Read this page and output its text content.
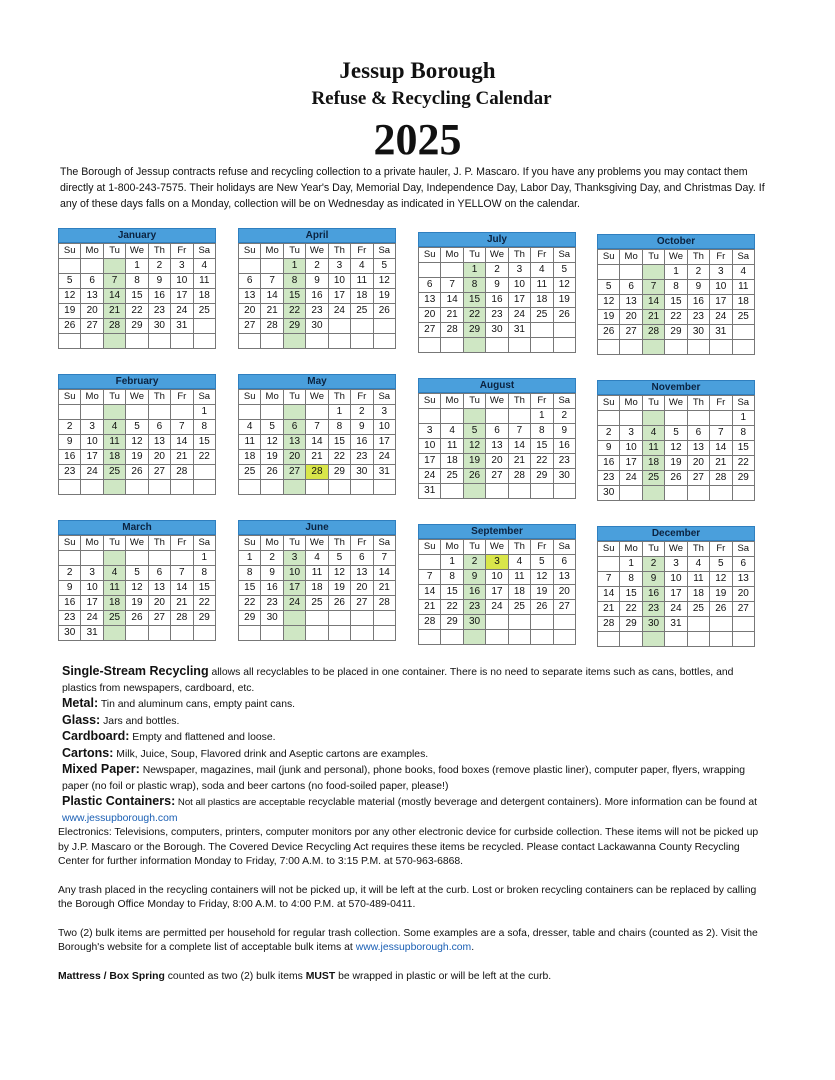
Jessup Borough
Refuse & Recycling Calendar
2025
The Borough of Jessup contracts refuse and recycling collection to a private hauler, J. P. Mascaro. If you have any problems you may contact them directly at 1-800-243-7575. Their holidays are New Year's Day, Memorial Day, Independence Day, Labor Day, Thanksgiving Day, and Christmas Day. If any of these days falls on a Monday, collection will be on Wednesday as indicated in YELLOW on the calendar.
January
Su	Mo	Tu	We	Th	Fr	Sa
			1	2	3	4
5	6	7	8	9	10	11
12	13	14	15	16	17	18
19	20	21	22	23	24	25
26	27	28	29	30	31	

April
Su	Mo	Tu	We	Th	Fr	Sa
		1	2	3	4	5
6	7	8	9	10	11	12
13	14	15	16	17	18	19
20	21	22	23	24	25	26
27	28	29	30			

July
Su	Mo	Tu	We	Th	Fr	Sa
		1	2	3	4	5
6	7	8	9	10	11	12
13	14	15	16	17	18	19
20	21	22	23	24	25	26
27	28	29	30	31		

October
Su	Mo	Tu	We	Th	Fr	Sa
			1	2	3	4
5	6	7	8	9	10	11
12	13	14	15	16	17	18
19	20	21	22	23	24	25
26	27	28	29	30	31	

February
Su	Mo	Tu	We	Th	Fr	Sa
						1
2	3	4	5	6	7	8
9	10	11	12	13	14	15
16	17	18	19	20	21	22
23	24	25	26	27	28	

May
Su	Mo	Tu	We	Th	Fr	Sa
				1	2	3
4	5	6	7	8	9	10
11	12	13	14	15	16	17
18	19	20	21	22	23	24
25	26	27	28	29	30	31

August
Su	Mo	Tu	We	Th	Fr	Sa
					1	2
3	4	5	6	7	8	9
10	11	12	13	14	15	16
17	18	19	20	21	22	23
24	25	26	27	28	29	30
31						
November
Su	Mo	Tu	We	Th	Fr	Sa
						1
2	3	4	5	6	7	8
9	10	11	12	13	14	15
16	17	18	19	20	21	22
23	24	25	26	27	28	29
30						
March
Su	Mo	Tu	We	Th	Fr	Sa
						1
2	3	4	5	6	7	8
9	10	11	12	13	14	15
16	17	18	19	20	21	22
23	24	25	26	27	28	29
30	31					
June
Su	Mo	Tu	We	Th	Fr	Sa
1	2	3	4	5	6	7
8	9	10	11	12	13	14
15	16	17	18	19	20	21
22	23	24	25	26	27	28
29	30					

September
Su	Mo	Tu	We	Th	Fr	Sa
	1	2	3	4	5	6
7	8	9	10	11	12	13
14	15	16	17	18	19	20
21	22	23	24	25	26	27
28	29	30				

December
Su	Mo	Tu	We	Th	Fr	Sa
	1	2	3	4	5	6
7	8	9	10	11	12	13
14	15	16	17	18	19	20
21	22	23	24	25	26	27
28	29	30	31			

Single-Stream Recycling allows all recyclables to be placed in one container. There is no need to separate items such as cans, bottles, and plastics from newspapers, cardboard, etc.
Metal: Tin and aluminum cans, empty paint cans.
Glass: Jars and bottles.
Cardboard: Empty and flattened and loose.
Cartons: Milk, Juice, Soup, Flavored drink and Aseptic cartons are examples.
Mixed Paper: Newspaper, magazines, mail (junk and personal), phone books, food boxes (remove plastic liner), computer paper, flyers, wrapping paper (no foil or plastic wrap), soda and beer cartons (no food-soiled paper, please!)
Plastic Containers: Not all plastics are acceptable recyclable material (mostly beverage and detergent containers). More information can be found at www.jessupborough.com

Electronics: Televisions, computers, printers, computer monitors por any other electronic device for curbside collection. These items will not be picked up by J.P. Mascaro or the Borough. The Covered Device Recycling Act requires these items be recycled. Please contact Lackawanna County Recycling Center for further information Monday to Friday, 7:00 A.M. to 3:15 P.M. at 570-963-6868.

Any trash placed in the recycling containers will not be picked up, it will be left at the curb. Lost or broken recycling containers can be replaced by calling the Borough Office Monday to Friday, 8:00 A.M. to 4:00 P.M. at 570-489-0411.

Two (2) bulk items are permitted per household for regular trash collection. Some examples are a sofa, dresser, table and chairs (counted as 2). Visit the Borough's website for a complete list of acceptable bulk items at www.jessupborough.com.

Mattress / Box Spring counted as two (2) bulk items MUST be wrapped in plastic or will be left at the curb.
